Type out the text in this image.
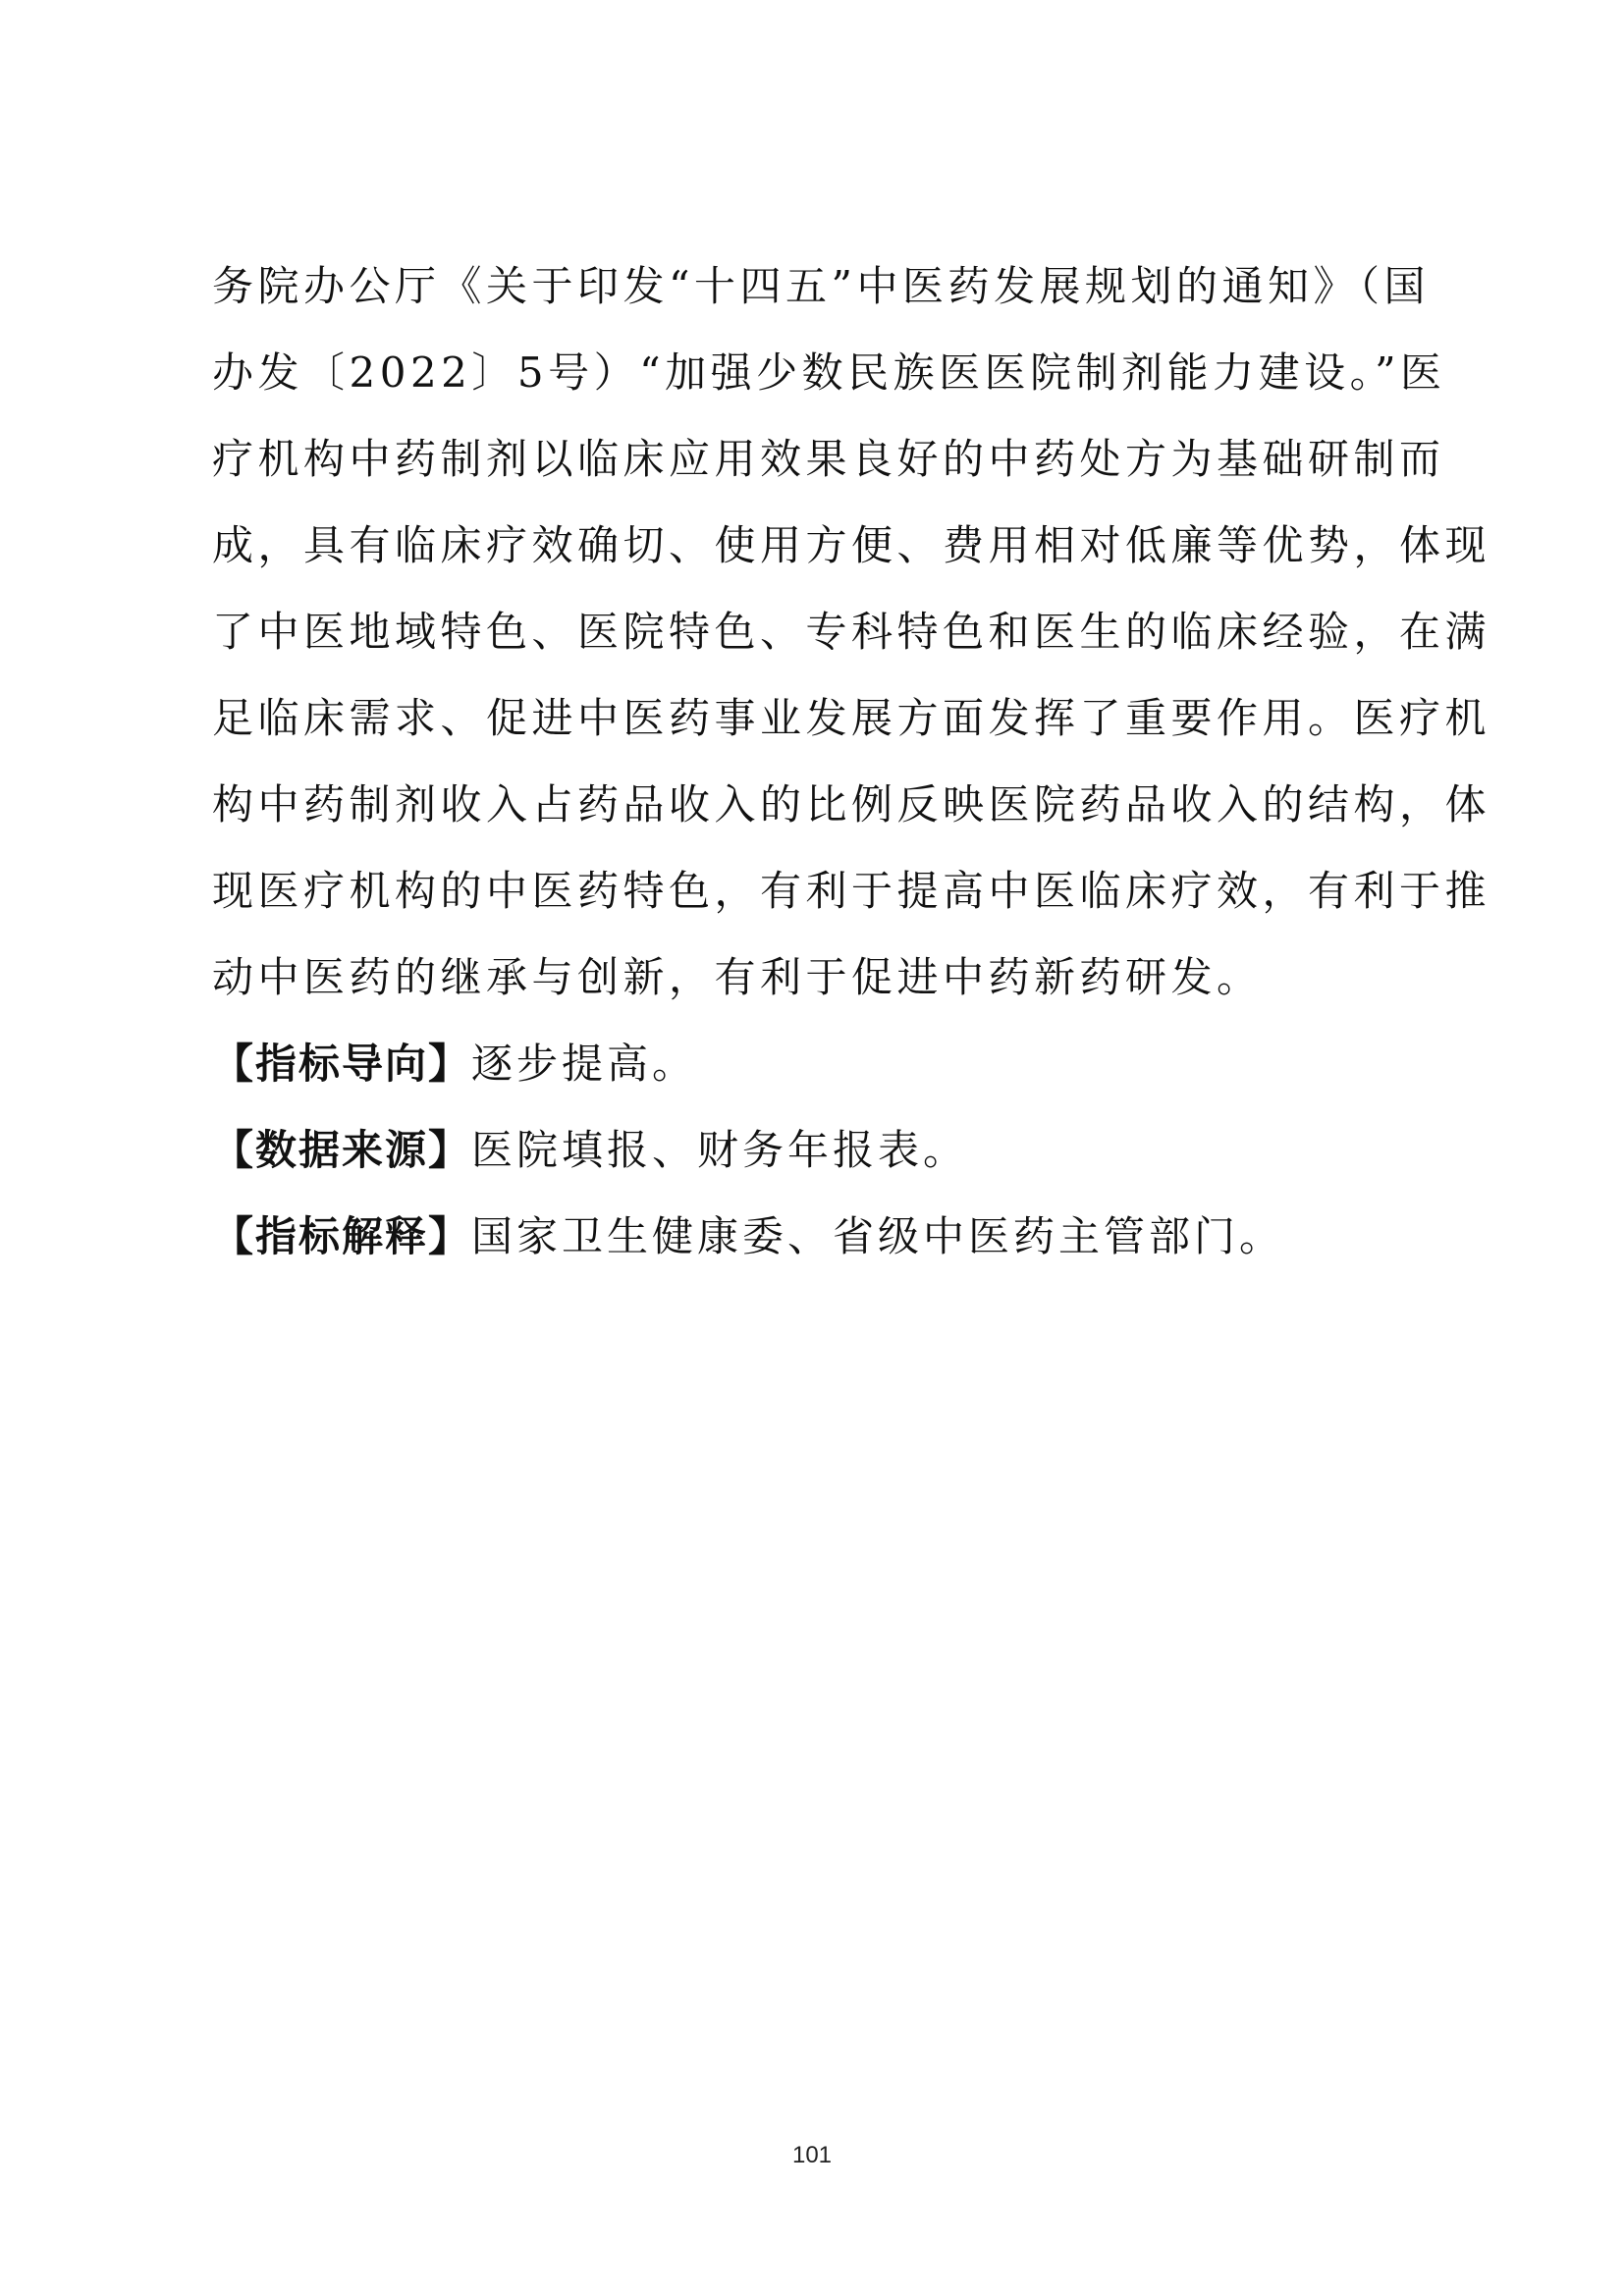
务院办公厅《关于印发“十四五”中医药发展规划的通知》（国
办发〔2022〕5号）“加强少数民族医医院制剂能力建设。”医
疗机构中药制剂以临床应用效果良好的中药处方为基础研制而
成，具有临床疗效确切、使用方便、费用相对低廉等优势，体现
了中医地域特色、医院特色、专科特色和医生的临床经验，在满
足临床需求、促进中医药事业发展方面发挥了重要作用。医疗机
构中药制剂收入占药品收入的比例反映医院药品收入的结构，体
现医疗机构的中医药特色，有利于提高中医临床疗效，有利于推
动中医药的继承与创新，有利于促进中药新药研发。
【指标导向】逐步提高。
【数据来源】医院填报、财务年报表。
【指标解释】国家卫生健康委、省级中医药主管部门。
101
